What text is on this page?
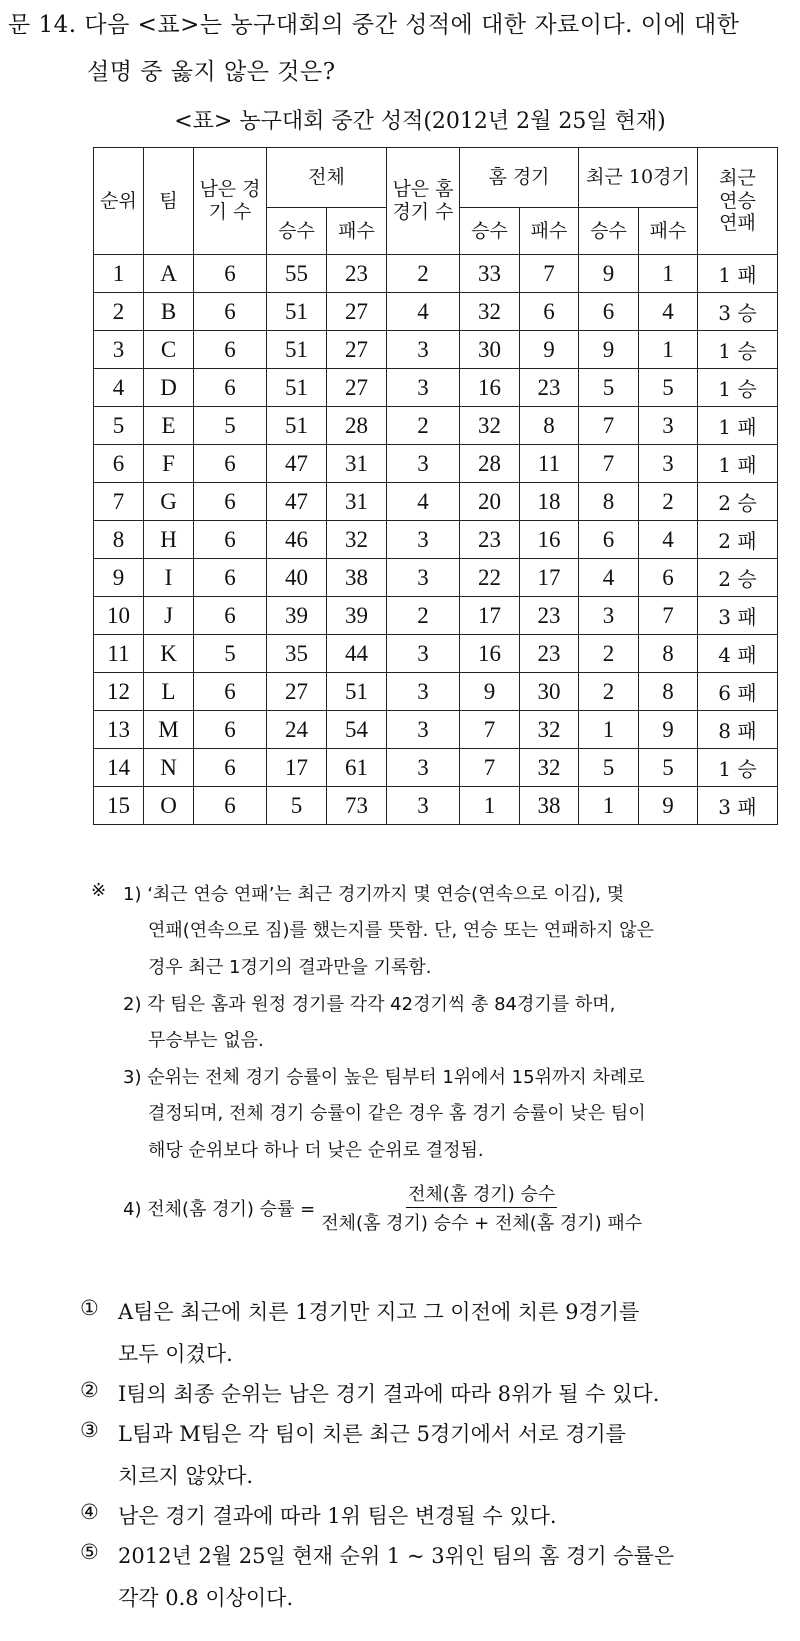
문 14. 다음 <표>는 농구대회의 중간 성적에 대한 자료이다. 이에 대한
설명 중 옳지 않은 것은?
<표> 농구대회 중간 성적(2012년 2월 25일 현재)
순위	팀	남은 경기 수	전체		남은 홈 경기 수	홈 경기		최근 10경기		최근 연승 연패
			승수	패수		승수	패수	승수	패수	
1	A	6	55	23	2	33	7	9	1	1 패
2	B	6	51	27	4	32	6	6	4	3 승
3	C	6	51	27	3	30	9	9	1	1 승
4	D	6	51	27	3	16	23	5	5	1 승
5	E	5	51	28	2	32	8	7	3	1 패
6	F	6	47	31	3	28	11	7	3	1 패
7	G	6	47	31	4	20	18	8	2	2 승
8	H	6	46	32	3	23	16	6	4	2 패
9	I	6	40	38	3	22	17	4	6	2 승
10	J	6	39	39	2	17	23	3	7	3 패
11	K	5	35	44	3	16	23	2	8	4 패
12	L	6	27	51	3	9	30	2	8	6 패
13	M	6	24	54	3	7	32	1	9	8 패
14	N	6	17	61	3	7	32	5	5	1 승
15	O	6	5	73	3	1	38	1	9	3 패
※ 1) ‘최근 연승 연패’는 최근 경기까지 몇 연승(연속으로 이김), 몇
연패(연속으로 짐)를 했는지를 뜻함. 단, 연승 또는 연패하지 않은
경우 최근 1경기의 결과만을 기록함.
2) 각 팀은 홈과 원정 경기를 각각 42경기씩 총 84경기를 하며,
무승부는 없음.
3) 순위는 전체 경기 승률이 높은 팀부터 1위에서 15위까지 차례로
결정되며, 전체 경기 승률이 같은 경우 홈 경기 승률이 낮은 팀이
해당 순위보다 하나 더 낮은 순위로 결정됨.
4) 전체(홈 경기) 승률 = $\frac{\text{전체(홈 경기) 승수}}{\text{전체(홈 경기) 승수 + 전체(홈 경기) 패수}}$
① A팀은 최근에 치른 1경기만 지고 그 이전에 치른 9경기를
모두 이겼다.
② I팀의 최종 순위는 남은 경기 결과에 따라 8위가 될 수 있다.
③ L팀과 M팀은 각 팀이 치른 최근 5경기에서 서로 경기를
치르지 않았다.
④ 남은 경기 결과에 따라 1위 팀은 변경될 수 있다.
⑤ 2012년 2월 25일 현재 순위 1 ~ 3위인 팀의 홈 경기 승률은
각각 0.8 이상이다.
